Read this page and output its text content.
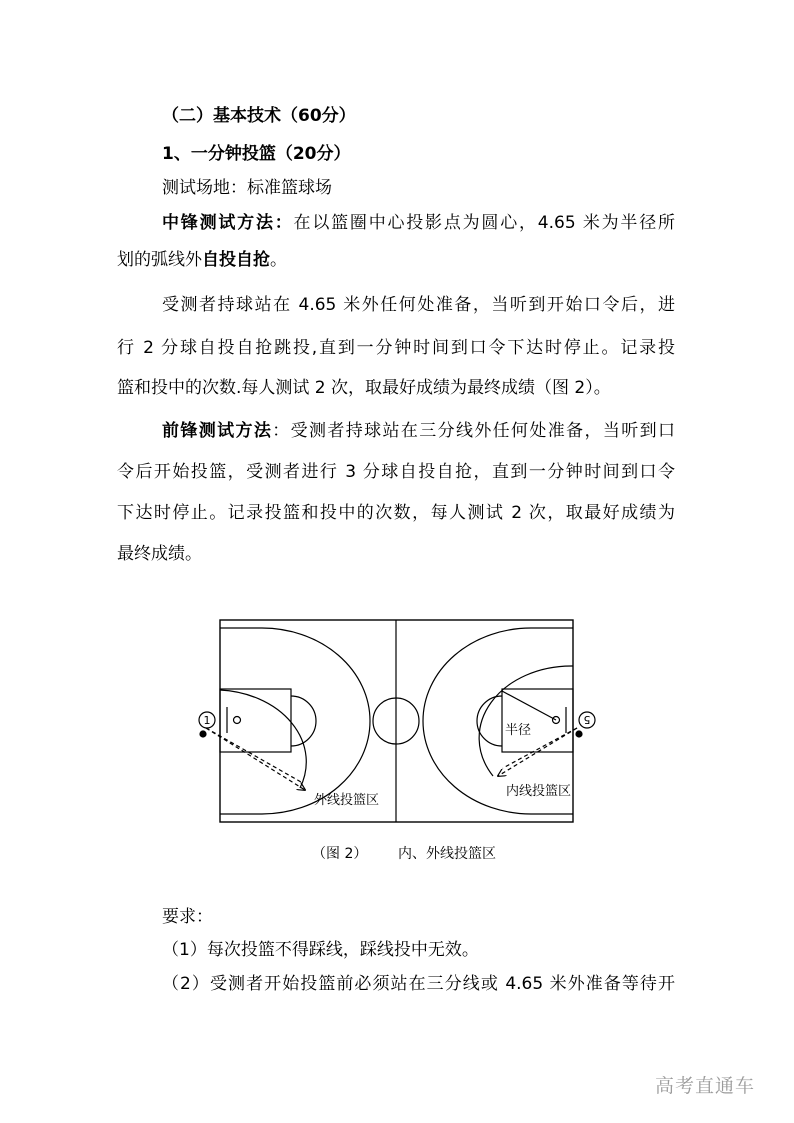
（二）基本技术（60分）
1、一分钟投篮（20分）
测试场地：标准篮球场
中锋测试方法：在以篮圈中心投影点为圆心，4.65 米为半径所
划的弧线外自投自抢。
受测者持球站在 4.65 米外任何处准备，当听到开始口令后，进
行 2 分球自投自抢跳投,直到一分钟时间到口令下达时停止。记录投
篮和投中的次数.每人测试 2 次，取最好成绩为最终成绩（图 2）。
前锋测试方法：受测者持球站在三分线外任何处准备，当听到口
令后开始投篮，受测者进行 3 分球自投自抢，直到一分钟时间到口令
下达时停止。记录投篮和投中的次数，每人测试 2 次，取最好成绩为
最终成绩。
1
外线投篮区
半径
5
内线投篮区
（图 2） 内、外线投篮区
要求：
（1）每次投篮不得踩线，踩线投中无效。
（2）受测者开始投篮前必须站在三分线或 4.65 米外准备等待开
高考直通车
